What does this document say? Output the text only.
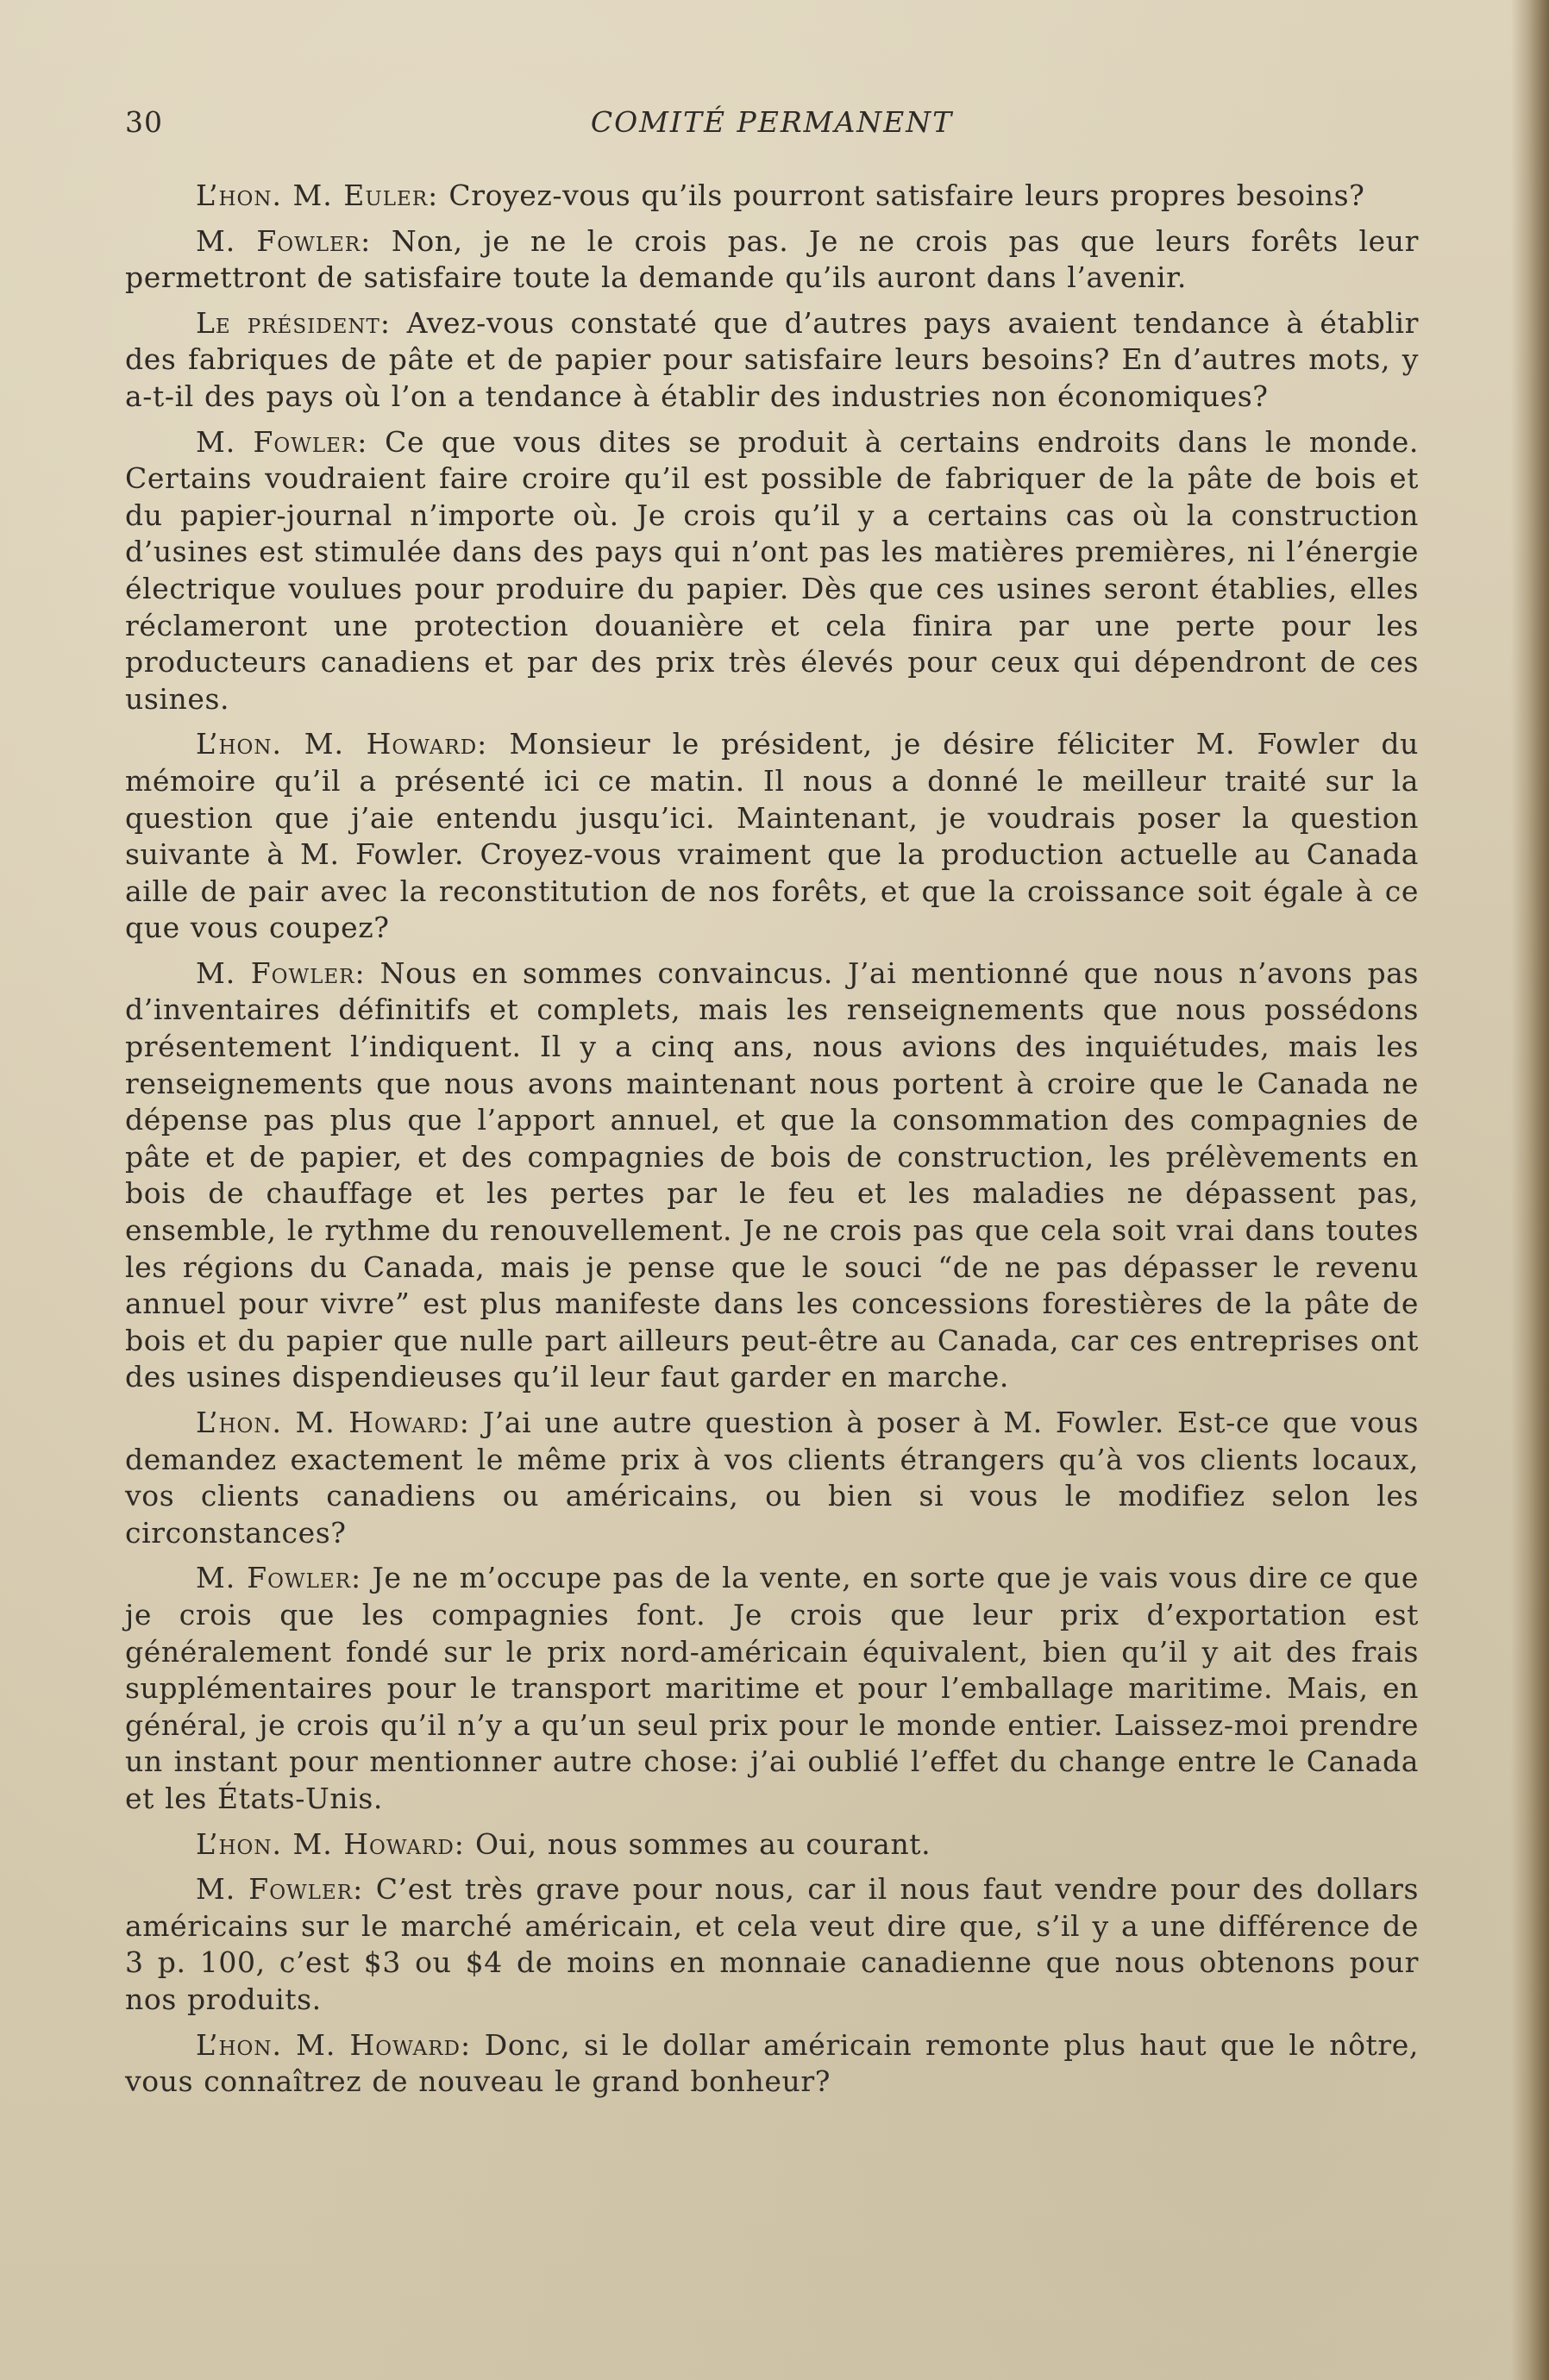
30	COMITÉ PERMANENT

L’hon. M. Euler: Croyez-vous qu’ils pourront satisfaire leurs propres besoins?

M. Fowler: Non, je ne le crois pas. Je ne crois pas que leurs forêts leur permettront de satisfaire toute la demande qu’ils auront dans l’avenir.

Le président: Avez-vous constaté que d’autres pays avaient tendance à établir des fabriques de pâte et de papier pour satisfaire leurs besoins? En d’autres mots, y a-t-il des pays où l’on a tendance à établir des industries non économiques?

M. Fowler: Ce que vous dites se produit à certains endroits dans le monde. Certains voudraient faire croire qu’il est possible de fabriquer de la pâte de bois et du papier-journal n’importe où. Je crois qu’il y a certains cas où la construction d’usines est stimulée dans des pays qui n’ont pas les matières premières, ni l’énergie électrique voulues pour produire du papier. Dès que ces usines seront établies, elles réclameront une protection douanière et cela finira par une perte pour les producteurs canadiens et par des prix très élevés pour ceux qui dépendront de ces usines.

L’hon. M. Howard: Monsieur le président, je désire féliciter M. Fowler du mémoire qu’il a présenté ici ce matin. Il nous a donné le meilleur traité sur la question que j’aie entendu jusqu’ici. Maintenant, je voudrais poser la question suivante à M. Fowler. Croyez-vous vraiment que la production actuelle au Canada aille de pair avec la reconstitution de nos forêts, et que la croissance soit égale à ce que vous coupez?

M. Fowler: Nous en sommes convaincus. J’ai mentionné que nous n’avons pas d’inventaires définitifs et complets, mais les renseignements que nous possédons présentement l’indiquent. Il y a cinq ans, nous avions des inquiétudes, mais les renseignements que nous avons maintenant nous portent à croire que le Canada ne dépense pas plus que l’apport annuel, et que la consommation des compagnies de pâte et de papier, et des compagnies de bois de construction, les prélèvements en bois de chauffage et les pertes par le feu et les maladies ne dépassent pas, ensemble, le rythme du renouvellement. Je ne crois pas que cela soit vrai dans toutes les régions du Canada, mais je pense que le souci “de ne pas dépasser le revenu annuel pour vivre” est plus manifeste dans les concessions forestières de la pâte de bois et du papier que nulle part ailleurs peut-être au Canada, car ces entreprises ont des usines dispendieuses qu’il leur faut garder en marche.

L’hon. M. Howard: J’ai une autre question à poser à M. Fowler. Est-ce que vous demandez exactement le même prix à vos clients étrangers qu’à vos clients locaux, vos clients canadiens ou américains, ou bien si vous le modifiez selon les circonstances?

M. Fowler: Je ne m’occupe pas de la vente, en sorte que je vais vous dire ce que je crois que les compagnies font. Je crois que leur prix d’exportation est généralement fondé sur le prix nord-américain équivalent, bien qu’il y ait des frais supplémentaires pour le transport maritime et pour l’emballage maritime. Mais, en général, je crois qu’il n’y a qu’un seul prix pour le monde entier. Laissez-moi prendre un instant pour mentionner autre chose: j’ai oublié l’effet du change entre le Canada et les États-Unis.

L’hon. M. Howard: Oui, nous sommes au courant.

M. Fowler: C’est très grave pour nous, car il nous faut vendre pour des dollars américains sur le marché américain, et cela veut dire que, s’il y a une différence de 3 p. 100, c’est $3 ou $4 de moins en monnaie canadienne que nous obtenons pour nos produits.

L’hon. M. Howard: Donc, si le dollar américain remonte plus haut que le nôtre, vous connaîtrez de nouveau le grand bonheur?
